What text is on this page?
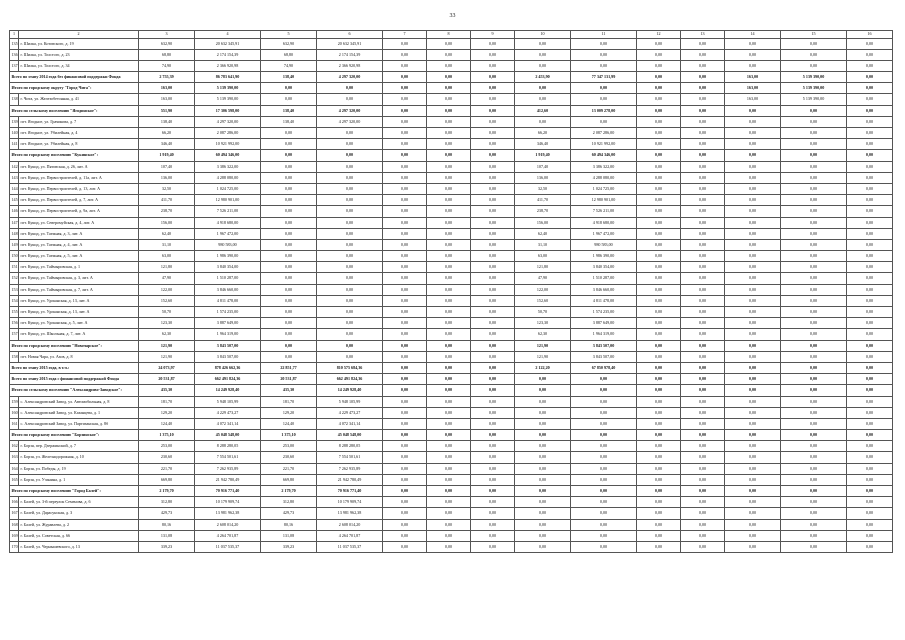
33
1	2	3	4	5	6	7	8	9	10	11	12	13	14	15	16
135	г. Шилка, ул. Котовского, д. 19	632,90	20 632 345,91	632,90	20 632 345,91	0,00	0,00	0,00	0,00	0,00	0,00	0,00	0,00	0,00	0,00
136	г. Шилка, ул. Толстого, д. 23	68,80	2 174 154,39	68,80	2 174 154,39	0,00	0,00	0,00	0,00	0,00	0,00	0,00	0,00	0,00	0,00
137	г. Шилка, ул. Толстого, д. 34	74,90	2 366 920,98	74,90	2 366 920,98	0,00	0,00	0,00	0,00	0,00	0,00	0,00	0,00	0,00	0,00
Всего по этапу 2014 года без финансовой поддержки Фонда		2 755,39	86 783 641,90	138,40	4 297 320,00	0,00	0,00	0,00	2 453,90	77 347 131,99	0,00	0,00	163,00	5 139 390,00	0,00
Итого по городскому округу "Город Чита":		163,00	5 139 390,00	0,00	0,00	0,00	0,00	0,00	0,00	0,00	0,00	0,00	163,00	5 139 390,00	0,00
138	г. Чита, ул. Железобетонная, д. 41	163,00	5 139 390,00	0,00	0,00	0,00	0,00	0,00	0,00	0,00	0,00	0,00	163,00	5 139 390,00	0,00
Итого по сельскому поселению "Ягодинское":		551,90	17 306 598,00	138,40	4 297 320,00	0,00	0,00	0,00	412,60	13 009 278,00	0,00	0,00	0,00	0,00	0,00
139	пгт. Ягодное, ул. Грачикова, д. 7	138,40	4 297 320,00	138,40	4 297 320,00	0,00	0,00	0,00	0,00	0,00	0,00	0,00	0,00	0,00	0,00
140	пгт. Ягодное, ул. Убилейная, д. 4	66,20	2 087 286,00	0,00	0,00	0,00	0,00	0,00	66,20	2 087 286,00	0,00	0,00	0,00	0,00	0,00
141	пгт. Ягодное, ул. Убилейная, д. 8	346,40	10 921 992,00	0,00	0,00	0,00	0,00	0,00	346,40	10 921 992,00	0,00	0,00	0,00	0,00	0,00
Итого по городскому поселению "Кукинское":		1 919,40	60 494 346,00	0,00	0,00	0,00	0,00	0,00	1 919,40	60 494 346,00	0,00	0,00	0,00	0,00	0,00
142	пгт. Кукид, ул. Пятовская, д. 26, лит. А	107,40	3 386 322,00	0,00	0,00	0,00	0,00	0,00	107,40	3 386 322,00	0,00	0,00	0,00	0,00	0,00
143	пгт. Кукид, ул. Первостроителей, д. 11а, лит. А	136,00	4 288 080,00	0,00	0,00	0,00	0,00	0,00	136,00	4 288 080,00	0,00	0,00	0,00	0,00	0,00
144	пгт. Кукид, ул. Первостроителей, д. 13, лит. А	32,50	1 024 725,00	0,00	0,00	0,00	0,00	0,00	32,50	1 024 725,00	0,00	0,00	0,00	0,00	0,00
145	пгт. Кукид, ул. Первостроителей, д. 7, лит. А	411,70	12 980 901,00	0,00	0,00	0,00	0,00	0,00	411,70	12 980 901,00	0,00	0,00	0,00	0,00	0,00
146	пгт. Кукид, ул. Первостроителей, д. 9а, лит. А	238,70	7 526 211,00	0,00	0,00	0,00	0,00	0,00	238,70	7 526 211,00	0,00	0,00	0,00	0,00	0,00
147	пгт. Кукид, ул. Северомуйская, д. 4, лит. А	156,00	4 918 680,00	0,00	0,00	0,00	0,00	0,00	156,00	4 918 680,00	0,00	0,00	0,00	0,00	0,00
148	пгт. Кукид, ул. Таежная, д. 3, лит. А	62,40	1 967 472,00	0,00	0,00	0,00	0,00	0,00	62,40	1 967 472,00	0,00	0,00	0,00	0,00	0,00
149	пгт. Кукид, ул. Таежная, д. 4, лит. А	31,10	980 583,00	0,00	0,00	0,00	0,00	0,00	31,10	980 583,00	0,00	0,00	0,00	0,00	0,00
150	пгт. Кукид, ул. Таежная, д. 5, лит. А	63,00	1 986 390,00	0,00	0,00	0,00	0,00	0,00	63,00	1 986 390,00	0,00	0,00	0,00	0,00	0,00
151	пгт. Кукид, ул. Таймыровская, д. 1	121,80	3 840 354,00	0,00	0,00	0,00	0,00	0,00	121,80	3 840 354,00	0,00	0,00	0,00	0,00	0,00
152	пгт. Кукид, ул. Таймыровская, д. 3, лит. А	47,90	1 510 287,00	0,00	0,00	0,00	0,00	0,00	47,90	1 510 287,00	0,00	0,00	0,00	0,00	0,00
153	пгт. Кукид, ул. Таймыровская, д. 7, лит. А	122,00	3 846 660,00	0,00	0,00	0,00	0,00	0,00	122,00	3 846 660,00	0,00	0,00	0,00	0,00	0,00
154	пгт. Кукид, ул. Удоканская, д. 13, лит. А	152,60	4 811 478,00	0,00	0,00	0,00	0,00	0,00	152,60	4 811 478,00	0,00	0,00	0,00	0,00	0,00
155	пгт. Кукид, ул. Удоканская, д. 13, лит. А	50,70	1 574 235,00	0,00	0,00	0,00	0,00	0,00	50,70	1 574 235,00	0,00	0,00	0,00	0,00	0,00
156	пгт. Кукид, ул. Удоканская, д. 5, лит. А	123,30	3 887 649,00	0,00	0,00	0,00	0,00	0,00	123,30	3 887 649,00	0,00	0,00	0,00	0,00	0,00
157	пгт. Кукид, ул. Школьная, д. 7, лит. А	62,30	1 964 319,00	0,00	0,00	0,00	0,00	0,00	62,30	1 964 319,00	0,00	0,00	0,00	0,00	0,00
Итого по городскому поселению "Новочарское":		121,90	3 843 507,00	0,00	0,00	0,00	0,00	0,00	121,90	3 843 507,00	0,00	0,00	0,00	0,00	0,00
158	пгт. Новая Чара, ул. Азов, д. 8	121,90	3 843 507,00	0,00	0,00	0,00	0,00	0,00	121,90	3 843 507,00	0,00	0,00	0,00	0,00	0,00
Всего по этапу 2015 года, в т.ч.:		24 073,97	878 426 662,36	22 851,77	810 575 684,36	0,00	0,00	0,00	2 122,20	67 850 978,40	0,00	0,00	0,00	0,00	0,00
Всего по этапу 2015 года с финансовой поддержкой Фонда		20 531,87	662 491 824,36	20 531,87	662 491 824,36	0,00	0,00	0,00	0,00	0,00	0,00	0,00	0,00	0,00	0,00
Итого по сельскому поселению "Александрово-Заводское":		435,30	14 249 928,40	435,30	14 249 928,40	0,00	0,00	0,00	0,00	0,00	0,00	0,00	0,00	0,00	0,00
159	с. Александровский Завод, ул. Автомобильная, д. 8	181,70	5 948 105,99	181,70	5 948 105,99	0,00	0,00	0,00	0,00	0,00	0,00	0,00	0,00	0,00	0,00
160	с. Александровский Завод, ул. Казанцева, д. 1	129,20	4 229 473,27	129,20	4 229 473,27	0,00	0,00	0,00	0,00	0,00	0,00	0,00	0,00	0,00	0,00
161	с. Александровский Завод, ул. Партизанская, д. 8б	124,40	4 072 341,14	124,40	4 072 341,14	0,00	0,00	0,00	0,00	0,00	0,00	0,00	0,00	0,00	0,00
Итого по городскому поселению "Борзинское":		1 375,10	45 048 548,00	1 375,10	45 048 548,00	0,00	0,00	0,00	0,00	0,00	0,00	0,00	0,00	0,00	0,00
162	г. Борзя, пер. Дзержинский, д. 7	253,00	8 288 280,05	253,00	8 288 280,05	0,00	0,00	0,00	0,00	0,00	0,00	0,00	0,00	0,00	0,00
163	г. Борзя, ул. Железнодорожная, д. 10	230,60	7 554 501,61	230,60	7 554 501,61	0,00	0,00	0,00	0,00	0,00	0,00	0,00	0,00	0,00	0,00
164	г. Борзя, ул. Победы, д. 19	221,70	7 262 935,89	221,70	7 262 935,89	0,00	0,00	0,00	0,00	0,00	0,00	0,00	0,00	0,00	0,00
165	г. Борзя, ул. Учанина, д. 1	669,80	21 942 780,49	669,80	21 942 780,49	0,00	0,00	0,00	0,00	0,00	0,00	0,00	0,00	0,00	0,00
Итого по городскому поселению "Город Балей":		2 179,70	70 916 771,40	2 179,70	70 916 771,40	0,00	0,00	0,00	0,00	0,00	0,00	0,00	0,00	0,00	0,00
166	г. Балей, ул. 3-й переулок Семенова, д. 6	312,80	10 179 909,74	312,80	10 179 909,74	0,00	0,00	0,00	0,00	0,00	0,00	0,00	0,00	0,00	0,00
167	г. Балей, ул. Дарасунская, д. 3	429,73	13 981 962,38	429,73	13 981 962,38	0,00	0,00	0,00	0,00	0,00	0,00	0,00	0,00	0,00	0,00
168	г. Балей, ул. Журавлева, д. 2	80,16	2 608 014,20	80,16	2 608 014,20	0,00	0,00	0,00	0,00	0,00	0,00	0,00	0,00	0,00	0,00
169	г. Балей, ул. Советская, д. 66	131,08	4 264 701,87	131,08	4 264 701,87	0,00	0,00	0,00	0,00	0,00	0,00	0,00	0,00	0,00	0,00
170	г. Балей, ул. Чернышевского, д. 13	339,23	11 037 535,37	339,23	11 037 535,37	0,00	0,00	0,00	0,00	0,00	0,00	0,00	0,00	0,00	0,00
